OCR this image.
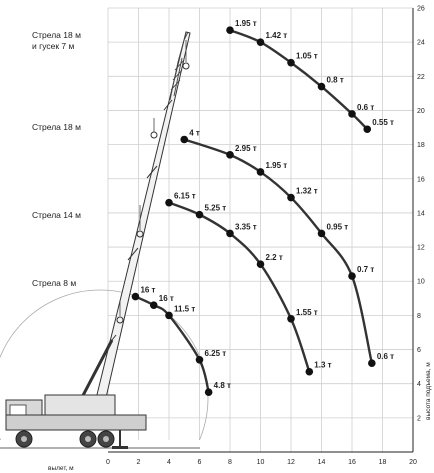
0	2	4	6	8	10	12	14	16	18	20
2
4
6
8
10
12
14
16
18
20
22
24
26
1.95 т
1.42 т
1.05 т
0.8 т
0.6 т
0.55 т
4 т
2.95 т
1.95 т
1.32 т
0.95 т
0.7 т
0.6 т
6.15 т
5.25 т
3.35 т
2.2 т
1.55 т
1.3 т
16 т
16 т
11.5 т
6.25 т
4.8 т
вылет, м
высота подъема, м
Стрела 18 м
и гусек 7 м
Стрела 18 м
Стрела 14 м
Стрела 8 м
